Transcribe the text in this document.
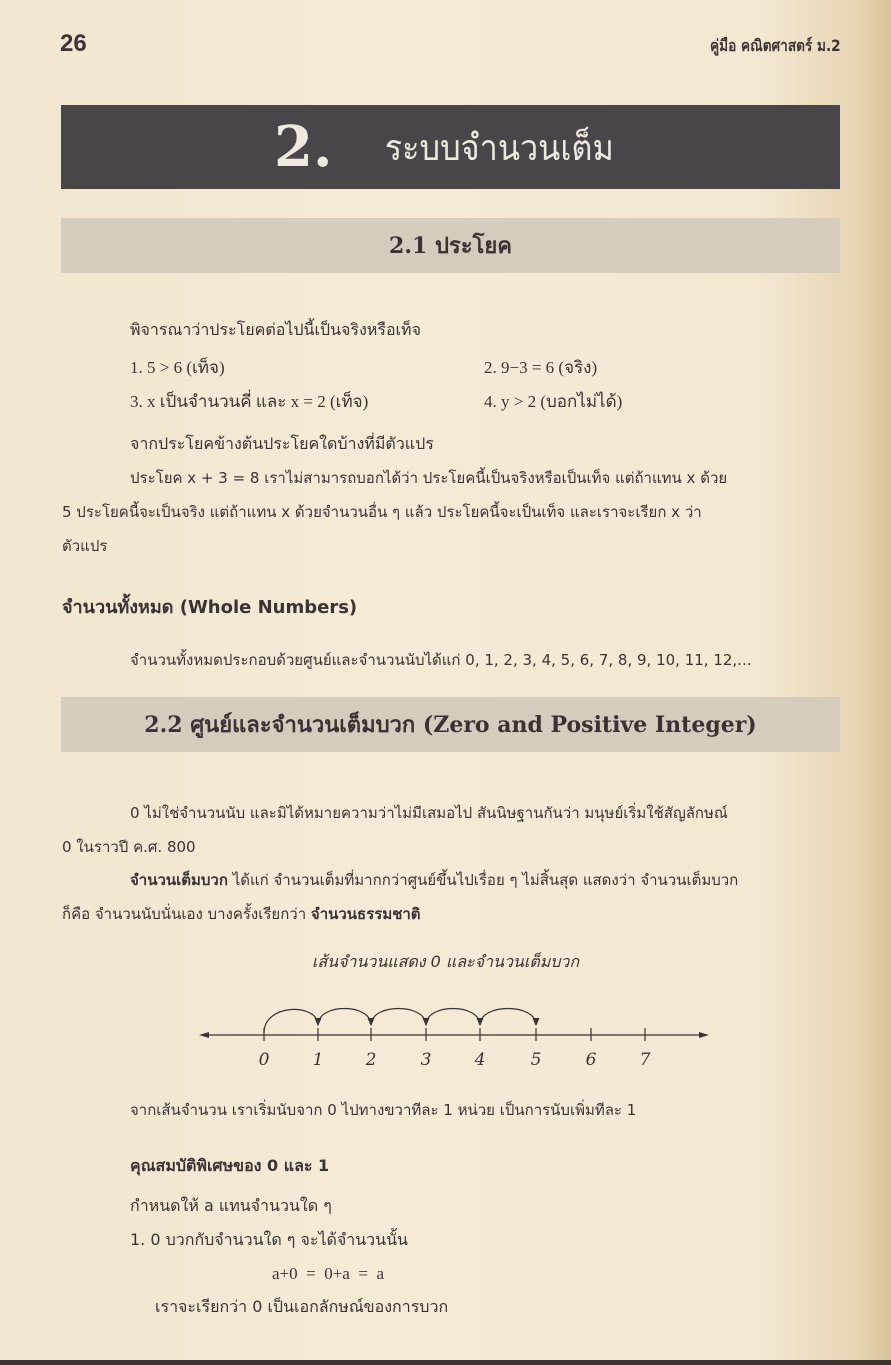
26	คู่มือ คณิตศาสตร์ ม.2
2. ระบบจำนวนเต็ม
2.1 ประโยค
พิจารณาว่าประโยคต่อไปนี้เป็นจริงหรือเท็จ
1. 5 > 6 (เท็จ)	2. 9−3 = 6 (จริง)
3. x เป็นจำนวนคี่ และ x = 2 (เท็จ)	4. y > 2 (บอกไม่ได้)
จากประโยคข้างต้นประโยคใดบ้างที่มีตัวแปร
ประโยค x + 3 = 8 เราไม่สามารถบอกได้ว่า ประโยคนี้เป็นจริงหรือเป็นเท็จ แต่ถ้าแทน x ด้วย
5 ประโยคนี้จะเป็นจริง แต่ถ้าแทน x ด้วยจำนวนอื่น ๆ แล้ว ประโยคนี้จะเป็นเท็จ และเราจะเรียก x ว่า
ตัวแปร
จำนวนทั้งหมด (Whole Numbers)
จำนวนทั้งหมดประกอบด้วยศูนย์และจำนวนนับได้แก่ 0, 1, 2, 3, 4, 5, 6, 7, 8, 9, 10, 11, 12,...
2.2 ศูนย์และจำนวนเต็มบวก (Zero and Positive Integer)
0 ไม่ใช่จำนวนนับ และมิได้หมายความว่าไม่มีเสมอไป สันนิษฐานกันว่า มนุษย์เริ่มใช้สัญลักษณ์
0 ในราวปี ค.ศ. 800
จำนวนเต็มบวก ได้แก่ จำนวนเต็มที่มากกว่าศูนย์ขึ้นไปเรื่อย ๆ ไม่สิ้นสุด แสดงว่า จำนวนเต็มบวก
ก็คือ จำนวนนับนั่นเอง บางครั้งเรียกว่า จำนวนธรรมชาติ
เส้นจำนวนแสดง 0 และจำนวนเต็มบวก
0	1 2	3	4	5	6	7
จากเส้นจำนวน เราเริ่มนับจาก 0 ไปทางขวาทีละ 1 หน่วย เป็นการนับเพิ่มทีละ 1
คุณสมบัติพิเศษของ 0 และ 1
กำหนดให้ a แทนจำนวนใด ๆ
1. 0 บวกกับจำนวนใด ๆ จะได้จำนวนนั้น
a+0  =  0+a  =  a
เราจะเรียกว่า 0 เป็นเอกลักษณ์ของการบวก
